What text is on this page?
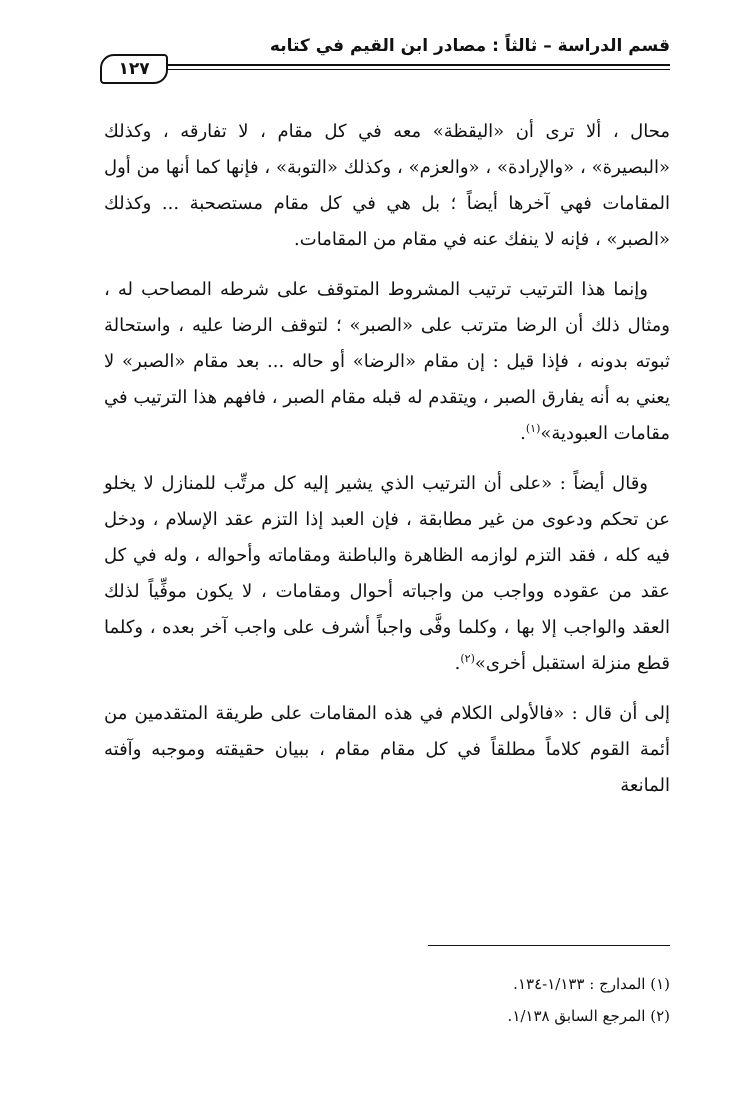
قسم الدراسة – ثالثاً : مصادر ابن القيم في كتابه
١٢٧

محال ، ألا ترى أن «اليقظة» معه في كل مقام ، لا تفارقه ، وكذلك «البصيرة» ، «والإرادة» ، «والعزم» ، وكذلك «التوبة» ، فإنها كما أنها من أول المقامات فهي آخرها أيضاً ؛ بل هي في كل مقام مستصحبة ... وكذلك «الصبر» ، فإنه لا ينفك عنه في مقام من المقامات.

وإنما هذا الترتيب ترتيب المشروط المتوقف على شرطه المصاحب له ، ومثال ذلك أن الرضا مترتب على «الصبر» ؛ لتوقف الرضا عليه ، واستحالة ثبوته بدونه ، فإذا قيل : إن مقام «الرضا» أو حاله ... بعد مقام «الصبر» لا يعني به أنه يفارق الصبر ، ويتقدم له قبله مقام الصبر ، فافهم هذا الترتيب في مقامات العبودية»$^{(١)}$.

وقال أيضاً : «على أن الترتيب الذي يشير إليه كل مرتِّب للمنازل لا يخلو عن تحكم ودعوى من غير مطابقة ، فإن العبد إذا التزم عقد الإسلام ، ودخل فيه كله ، فقد التزم لوازمه الظاهرة والباطنة ومقاماته وأحواله ، وله في كل عقد من عقوده وواجب من واجباته أحوال ومقامات ، لا يكون موفِّياً لذلك العقد والواجب إلا بها ، وكلما وفَّى واجباً أشرف على واجب آخر بعده ، وكلما قطع منزلة استقبل أخرى»$^{(٢)}$.

إلى أن قال : «فالأولى الكلام في هذه المقامات على طريقة المتقدمين من أئمة القوم كلاماً مطلقاً في كل مقام مقام ، ببيان حقيقته وموجبه وآفته المانعة

(١) المدارج : ١/١٣٣-١٣٤.

(٢) المرجع السابق ١/١٣٨.
